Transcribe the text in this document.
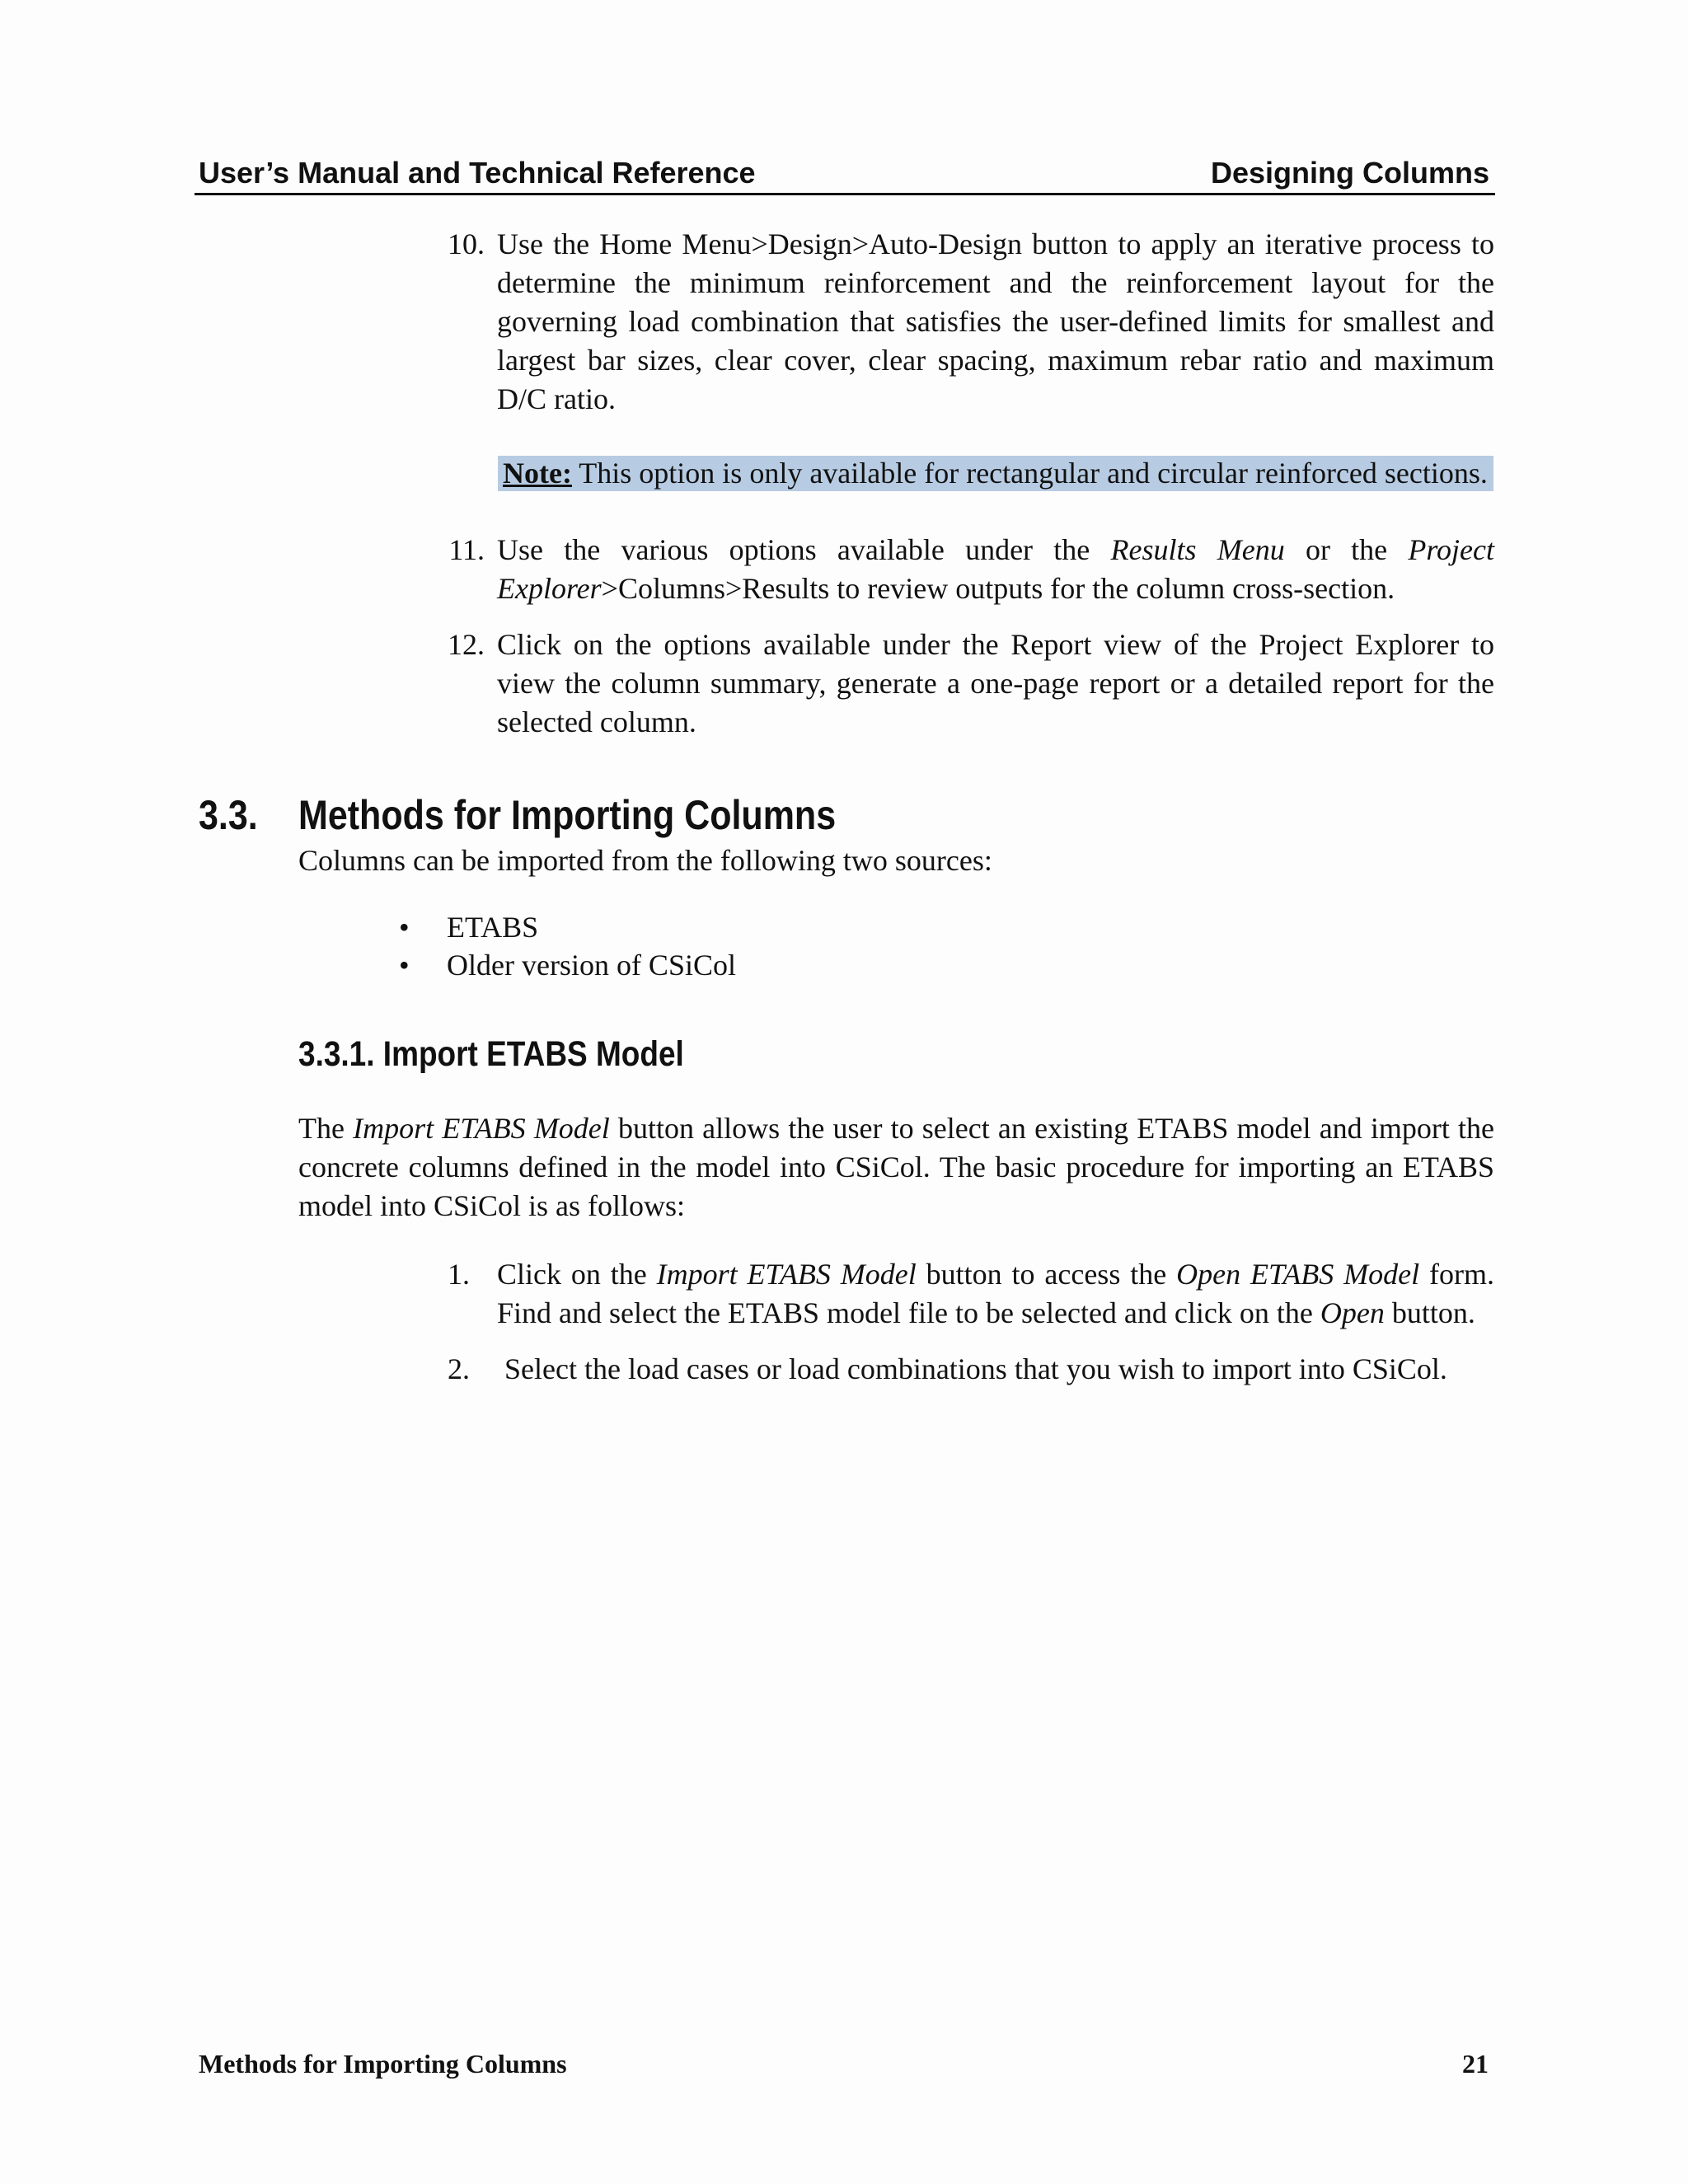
User’s Manual and Technical Reference	Designing Columns
10. Use the Home Menu>Design>Auto-Design button to apply an iterative process to determine the minimum reinforcement and the reinforcement layout for the governing load combination that satisfies the user-defined limits for smallest and largest bar sizes, clear cover, clear spacing, maximum rebar ratio and maximum D/C ratio.
Note: This option is only available for rectangular and circular reinforced sections.
11. Use the various options available under the Results Menu or the Project Explorer>Columns>Results to review outputs for the column cross-section.
12. Click on the options available under the Report view of the Project Explorer to view the column summary, generate a one-page report or a detailed report for the selected column.
3.3. Methods for Importing Columns
Columns can be imported from the following two sources:
• ETABS
• Older version of CSiCol
3.3.1. Import ETABS Model
The Import ETABS Model button allows the user to select an existing ETABS model and import the concrete columns defined in the model into CSiCol. The basic procedure for importing an ETABS model into CSiCol is as follows:
1. Click on the Import ETABS Model button to access the Open ETABS Model form. Find and select the ETABS model file to be selected and click on the Open button.
2. Select the load cases or load combinations that you wish to import into CSiCol.
Methods for Importing Columns	21
